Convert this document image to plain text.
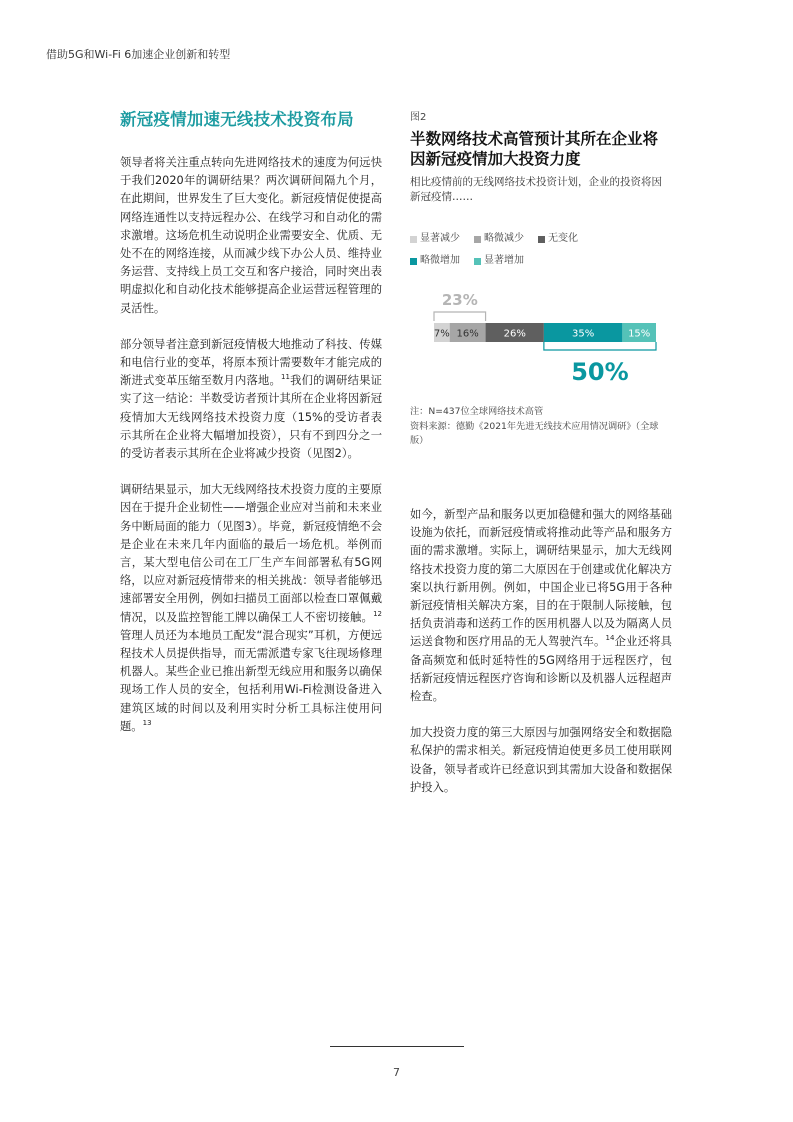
借助5G和Wi-Fi 6加速企业创新和转型
新冠疫情加速无线技术投资布局

领导者将关注重点转向先进网络技术的速度为何远快于我们2020年的调研结果？两次调研间隔九个月，在此期间，世界发生了巨大变化。新冠疫情促使提高网络连通性以支持远程办公、在线学习和自动化的需求激增。这场危机生动说明企业需要安全、优质、无处不在的网络连接，从而减少线下办公人员、维持业务运营、支持线上员工交互和客户接洽，同时突出表明虚拟化和自动化技术能够提高企业运营远程管理的灵活性。

部分领导者注意到新冠疫情极大地推动了科技、传媒和电信行业的变革，将原本预计需要数年才能完成的渐进式变革压缩至数月内落地。$^{11}$我们的调研结果证实了这一结论：半数受访者预计其所在企业将因新冠疫情加大无线网络技术投资力度（15%的受访者表示其所在企业将大幅增加投资），只有不到四分之一的受访者表示其所在企业将减少投资（见图2）。

调研结果显示，加大无线网络技术投资力度的主要原因在于提升企业韧性——增强企业应对当前和未来业务中断局面的能力（见图3）。毕竟，新冠疫情绝不会是企业在未来几年内面临的最后一场危机。举例而言，某大型电信公司在工厂生产车间部署私有5G网络，以应对新冠疫情带来的相关挑战：领导者能够迅速部署安全用例，例如扫描员工面部以检查口罩佩戴情况，以及监控智能工牌以确保工人不密切接触。$^{12}$管理人员还为本地员工配发“混合现实”耳机，方便远程技术人员提供指导，而无需派遣专家飞往现场修理机器人。某些企业已推出新型无线应用和服务以确保现场工作人员的安全，包括利用Wi-Fi检测设备进入建筑区域的时间以及利用实时分析工具标注使用问题。$^{13}$

图2
半数网络技术高管预计其所在企业将因新冠疫情加大投资力度
相比疫情前的无线网络技术投资计划，企业的投资将因新冠疫情……
显著减少 略微减少 无变化
略微增加 显著增加
7% 16% 26%	35%	15%
23%
50%
注：N=437位全球网络技术高管
资料来源：德勤《2021年先进无线技术应用情况调研》（全球版）

如今，新型产品和服务以更加稳健和强大的网络基础设施为依托，而新冠疫情或将推动此等产品和服务方面的需求激增。实际上，调研结果显示，加大无线网络技术投资力度的第二大原因在于创建或优化解决方案以执行新用例。例如，中国企业已将5G用于各种新冠疫情相关解决方案，目的在于限制人际接触，包括负责消毒和送药工作的医用机器人以及为隔离人员运送食物和医疗用品的无人驾驶汽车。$^{14}$企业还将具备高频宽和低时延特性的5G网络用于远程医疗，包括新冠疫情远程医疗咨询和诊断以及机器人远程超声检查。

加大投资力度的第三大原因与加强网络安全和数据隐私保护的需求相关。新冠疫情迫使更多员工使用联网设备，领导者或许已经意识到其需加大设备和数据保护投入。

7
